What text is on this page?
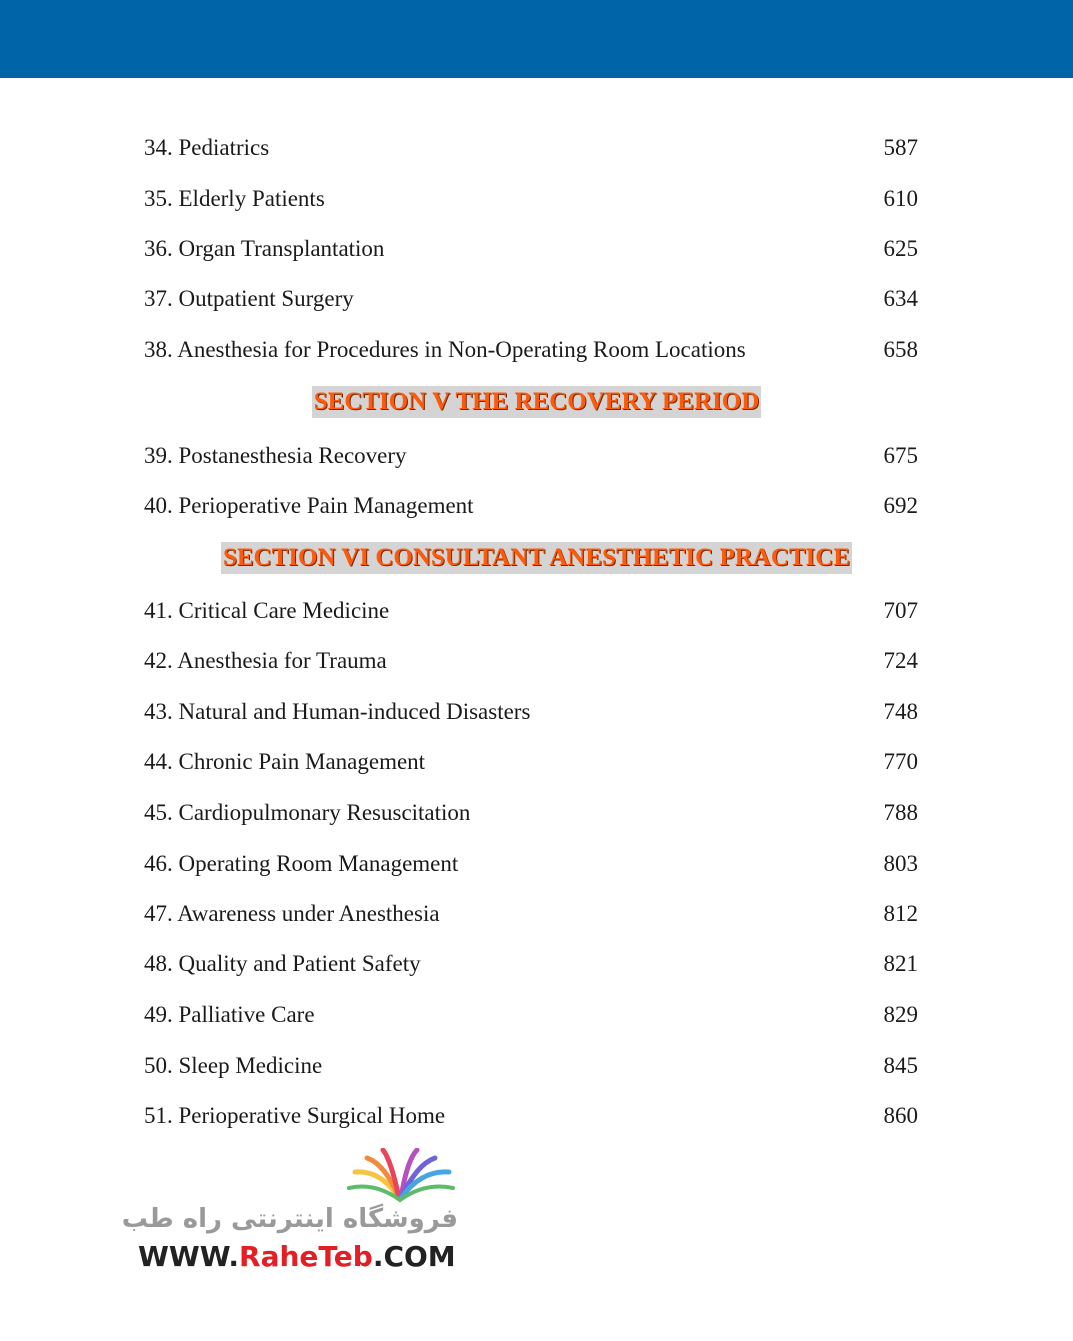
34. Pediatrics	587
35. Elderly Patients	610
36. Organ Transplantation	625
37. Outpatient Surgery	634
38. Anesthesia for Procedures in Non-Operating Room Locations	658
SECTION V THE RECOVERY PERIOD
39. Postanesthesia Recovery	675
40. Perioperative Pain Management	692
SECTION VI CONSULTANT ANESTHETIC PRACTICE
41. Critical Care Medicine	707
42. Anesthesia for Trauma	724
43. Natural and Human-induced Disasters	748
44. Chronic Pain Management	770
45. Cardiopulmonary Resuscitation	788
46. Operating Room Management	803
47. Awareness under Anesthesia	812
48. Quality and Patient Safety	821
49. Palliative Care	829
50. Sleep Medicine	845
51. Perioperative Surgical Home	860
فروشگاه اینترنتی راه طب
WWW.RaheTeb.COM
